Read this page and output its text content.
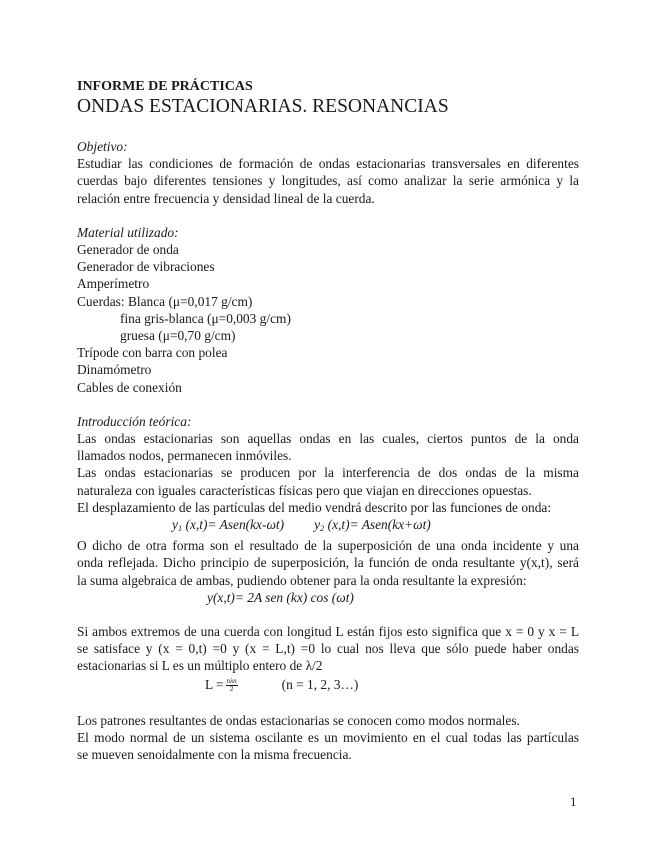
INFORME DE PRÁCTICAS

ONDAS ESTACIONARIAS. RESONANCIAS

Objetivo:

Estudiar las condiciones de formación de ondas estacionarias transversales en diferentes

cuerdas bajo diferentes tensiones y longitudes, así como analizar la serie armónica y la

relación entre frecuencia y densidad lineal de la cuerda.

Material utilizado:

Generador de onda

Generador de vibraciones

Amperímetro

Cuerdas: Blanca (μ=0,017 g/cm)

fina gris-blanca (μ=0,003 g/cm)

gruesa (μ=0,70 g/cm)

Trípode con barra con polea

Dinamómetro

Cables de conexión

Introducción teórica:

Las ondas estacionarias son aquellas ondas en las cuales, ciertos puntos de la onda

llamados nodos, permanecen inmóviles.

Las ondas estacionarias se producen por la interferencia de dos ondas de la misma

naturaleza con iguales características físicas pero que viajan en direcciones opuestas.

El desplazamiento de las partículas del medio vendrá descrito por las funciones de onda:

$y_1$ (x,t)= Asen(kx-ωt) $y_2$ (x,t)= Asen(kx+ωt)

O dicho de otra forma son el resultado de la superposición de una onda incidente y una

onda reflejada. Dicho principio de superposición, la función de onda resultante y(x,t), será

la suma algebraica de ambas, pudiendo obtener para la onda resultante la expresión:

y(x,t)= 2A sen (kx) cos (ωt)

Si ambos extremos de una cuerda con longitud L están fijos esto significa que x = 0 y x = L

se satisface y (x = 0,t) =0 y (x = L,t) =0 lo cual nos lleva que sólo puede haber ondas

estacionarias si L es un múltiplo entero de λ/2

$L = \frac{\text{nλn}}{2}$	(n = 1, 2, 3…)

Los patrones resultantes de ondas estacionarias se conocen como modos normales.

El modo normal de un sistema oscilante es un movimiento en el cual todas las partículas

se mueven senoidalmente con la misma frecuencia.

1
